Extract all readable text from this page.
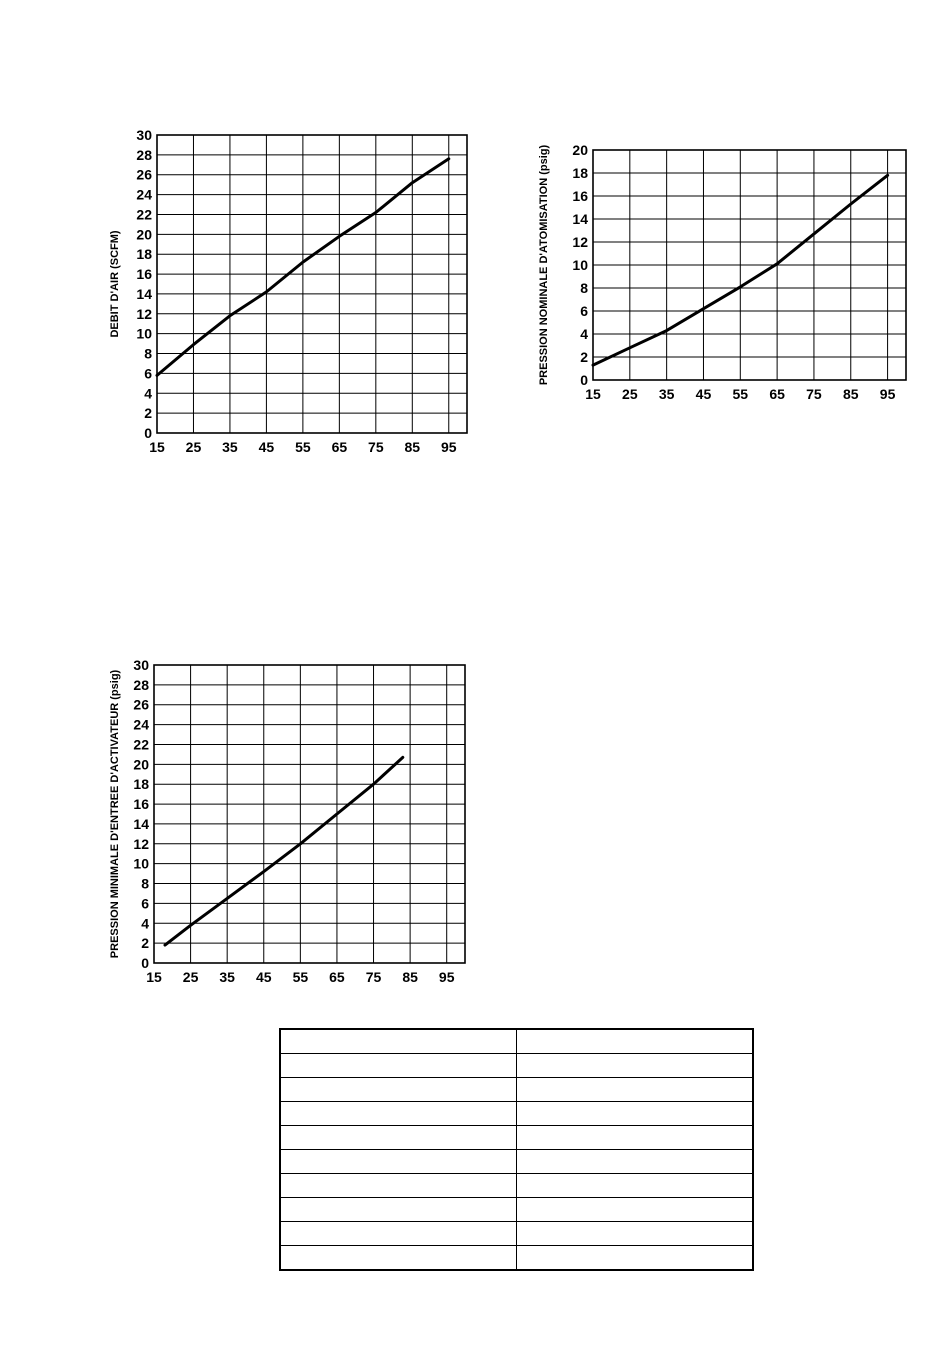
15 25 35 45 55 65 75 85 95
0
2
4
6
8
10
12
14
16
18
20
22
24
26
28
30
DEBIT D'AIR (SCFM)
15 25 35 45 55 65 75 85 95
0
2
4
6
8
10
12
14
16
18
20
PRESSION NOMINALE D'ATOMISATION (psig)
15 25 35 45 55 65 75 85 95
0
2
4
6
8
10
12
14
16
18
20
22
24
26
28
30
PRESSION MINIMALE D'ENTREE D'ACTIVATEUR (psig)
